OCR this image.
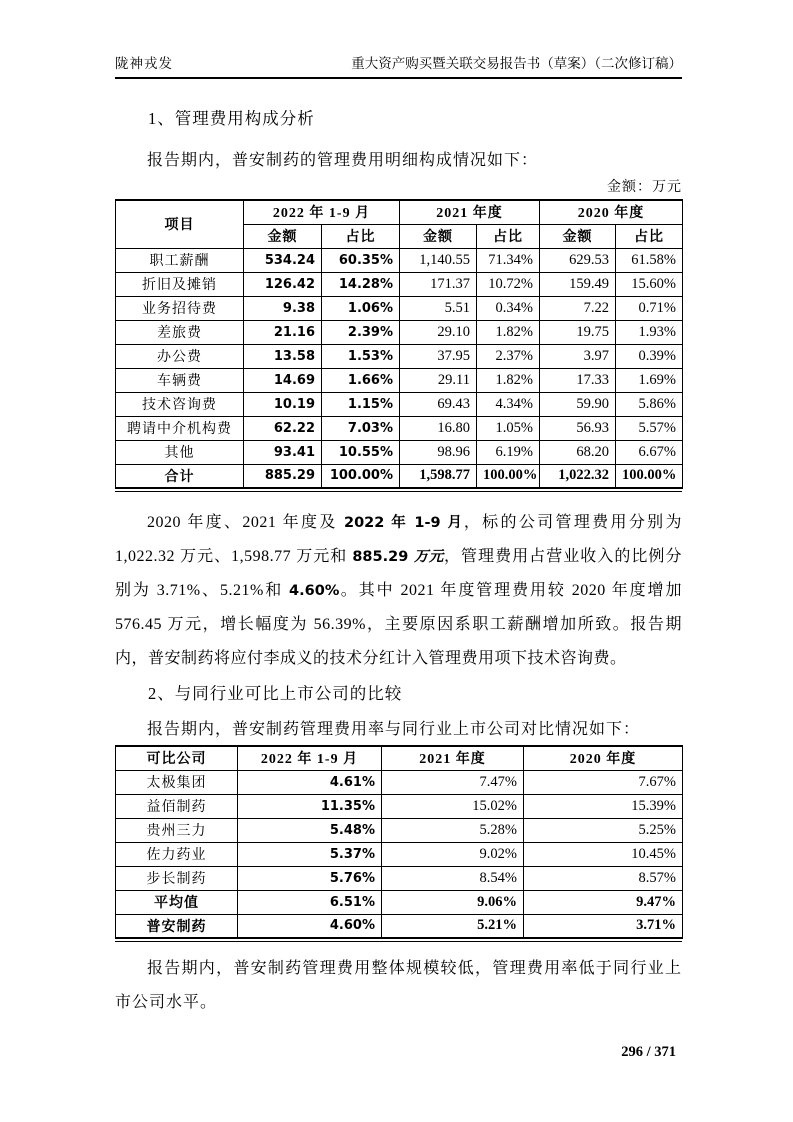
陇神戎发	重大资产购买暨关联交易报告书（草案）（二次修订稿）
1、管理费用构成分析
报告期内，普安制药的管理费用明细构成情况如下：
金额：万元
项目	2022 年 1-9 月		2021 年度		2020 年度	
	金额	占比	金额	占比	金额	占比
职工薪酬	534.24	60.35%	1,140.55	71.34%	629.53	61.58%
折旧及摊销	126.42	14.28%	171.37	10.72%	159.49	15.60%
业务招待费	9.38	1.06%	5.51	0.34%	7.22	0.71%
差旅费	21.16	2.39%	29.10	1.82%	19.75	1.93%
办公费	13.58	1.53%	37.95	2.37%	3.97	0.39%
车辆费	14.69	1.66%	29.11	1.82%	17.33	1.69%
技术咨询费	10.19	1.15%	69.43	4.34%	59.90	5.86%
聘请中介机构费	62.22	7.03%	16.80	1.05%	56.93	5.57%
其他	93.41	10.55%	98.96	6.19%	68.20	6.67%
合计	885.29	100.00%	1,598.77	100.00%	1,022.32	100.00%
2020 年度、2021 年度及 2022 年 1-9 月，标的公司管理费用分别为 1,022.32 万元、1,598.77 万元和 885.29 万元，管理费用占营业收入的比例分别为 3.71%、5.21%和 4.60%。其中 2021 年度管理费用较 2020 年度增加 576.45 万元，增长幅度为 56.39%，主要原因系职工薪酬增加所致。报告期内，普安制药将应付李成义的技术分红计入管理费用项下技术咨询费。
2、与同行业可比上市公司的比较
报告期内，普安制药管理费用率与同行业上市公司对比情况如下：
可比公司	2022 年 1-9 月	2021 年度	2020 年度
太极集团	4.61%	7.47%	7.67%
益佰制药	11.35%	15.02%	15.39%
贵州三力	5.48%	5.28%	5.25%
佐力药业	5.37%	9.02%	10.45%
步长制药	5.76%	8.54%	8.57%
平均值	6.51%	9.06%	9.47%
普安制药	4.60%	5.21%	3.71%
报告期内，普安制药管理费用整体规模较低，管理费用率低于同行业上市公司水平。
296 / 371
